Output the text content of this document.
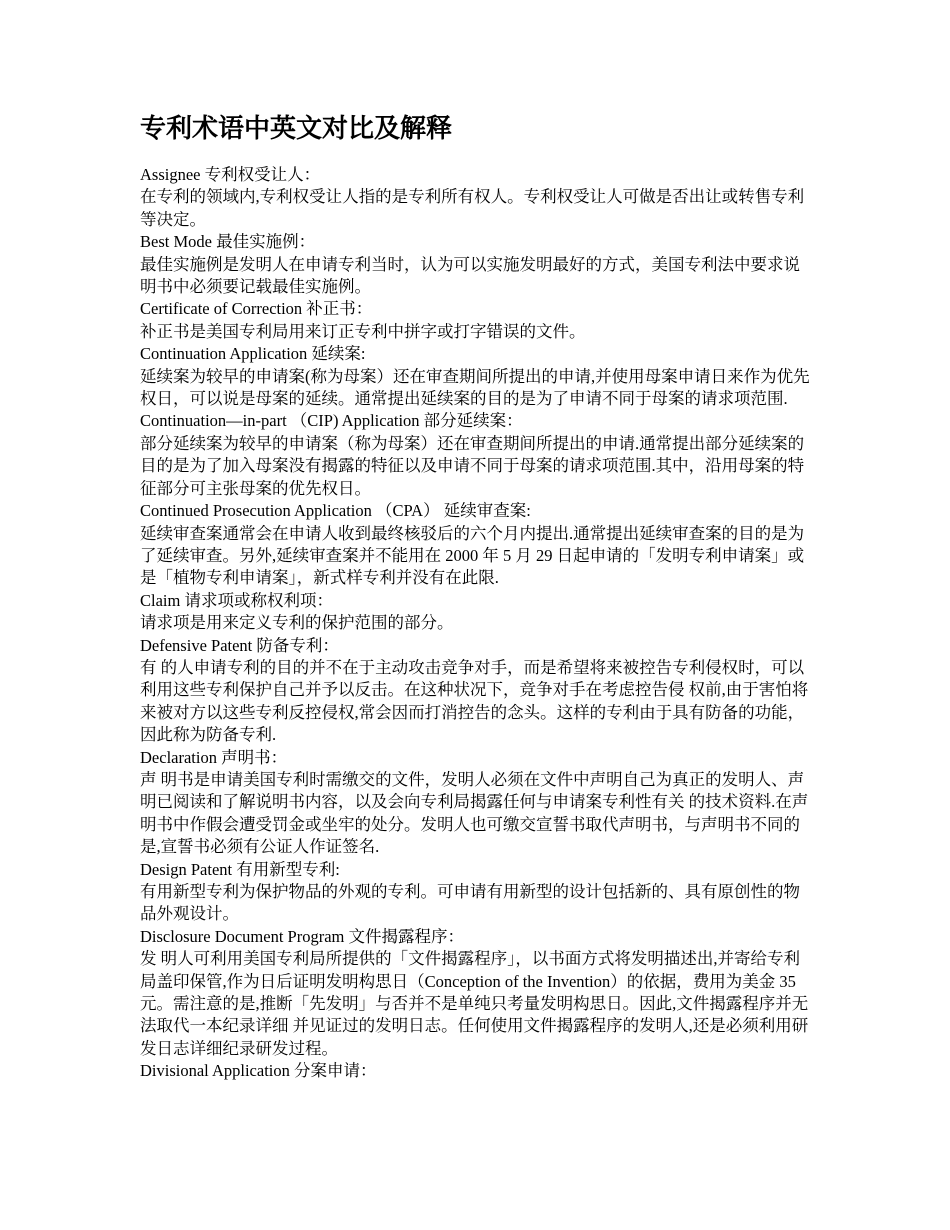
专利术语中英文对比及解释

Assignee 专利权受让人：

在专利的领域内,专利权受让人指的是专利所有权人。专利权受让人可做是否出让或转售专利等决定。

Best Mode 最佳实施例：

最佳实施例是发明人在申请专利当时，认为可以实施发明最好的方式，美国专利法中要求说明书中必须要记载最佳实施例。

Certificate of Correction 补正书：

补正书是美国专利局用来订正专利中拼字或打字错误的文件。

Continuation Application 延续案:

延续案为较早的申请案(称为母案）还在审查期间所提出的申请,并使用母案申请日来作为优先权日，可以说是母案的延续。通常提出延续案的目的是为了申请不同于母案的请求项范围.

Continuation—in-part （CIP) Application 部分延续案：

部分延续案为较早的申请案（称为母案）还在审查期间所提出的申请.通常提出部分延续案的目的是为了加入母案没有揭露的特征以及申请不同于母案的请求项范围.其中，沿用母案的特征部分可主张母案的优先权日。

Continued Prosecution Application （CPA） 延续审查案:

延续审查案通常会在申请人收到最终核驳后的六个月内提出.通常提出延续审查案的目的是为了延续审查。另外,延续审查案并不能用在 2000 年 5 月 29 日起申请的「发明专利申请案」或是「植物专利申请案」，新式样专利并没有在此限.

Claim 请求项或称权利项：

请求项是用来定义专利的保护范围的部分。

Defensive Patent 防备专利：

有 的人申请专利的目的并不在于主动攻击竞争对手，而是希望将来被控告专利侵权时，可以利用这些专利保护自己并予以反击。在这种状况下，竞争对手在考虑控告侵 权前,由于害怕将来被对方以这些专利反控侵权,常会因而打消控告的念头。这样的专利由于具有防备的功能，因此称为防备专利.

Declaration 声明书：

声 明书是申请美国专利时需缴交的文件，发明人必须在文件中声明自己为真正的发明人、声明已阅读和了解说明书内容，以及会向专利局揭露任何与申请案专利性有关 的技术资料.在声明书中作假会遭受罚金或坐牢的处分。发明人也可缴交宣誓书取代声明书，与声明书不同的是,宣誓书必须有公证人作证签名.

Design Patent 有用新型专利:

有用新型专利为保护物品的外观的专利。可申请有用新型的设计包括新的、具有原创性的物品外观设计。

Disclosure Document Program 文件揭露程序：

发 明人可利用美国专利局所提供的「文件揭露程序」，以书面方式将发明描述出,并寄给专利局盖印保管,作为日后证明发明构思日（Conception of the Invention）的依据，费用为美金 35 元。需注意的是,推断「先发明」与否并不是单纯只考量发明构思日。因此,文件揭露程序并无法取代一本纪录详细 并见证过的发明日志。任何使用文件揭露程序的发明人,还是必须利用研发日志详细纪录研发过程。

Divisional Application 分案申请：
